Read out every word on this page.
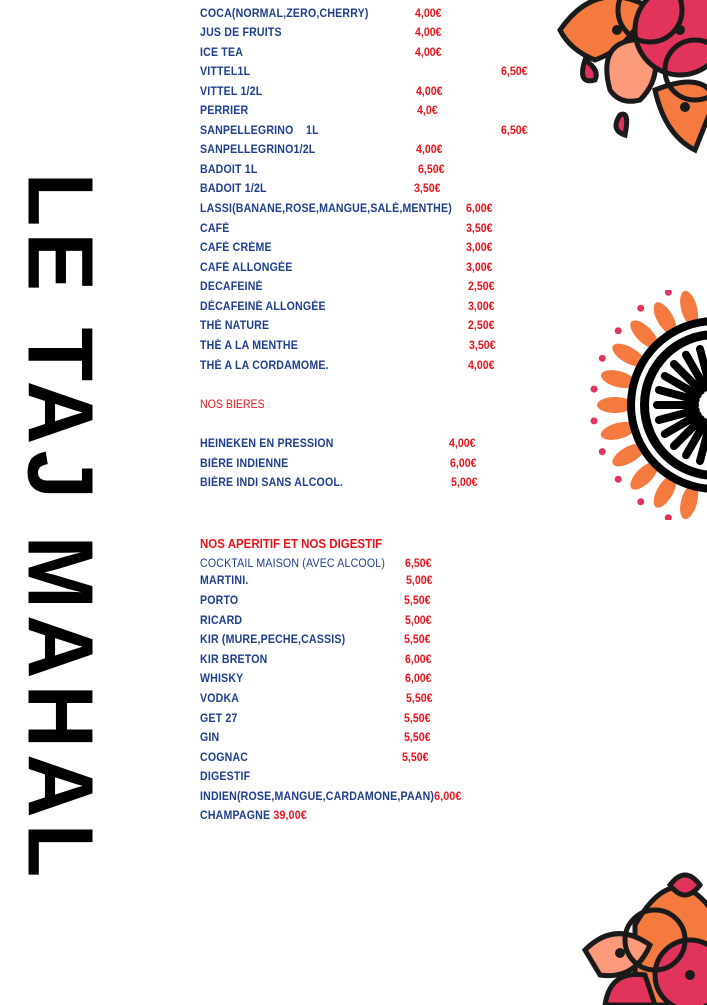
LE TAJ MAHAL
COCA(NORMAL,ZERO,CHERRY)	4,00€
JUS DE FRUITS	4,00€
ICE TEA	4,00€
VITTEL1L	6,50€
VITTEL 1/2L	4,00€
PERRIER	4,0€
SANPELLEGRINO    1L	6,50€
SANPELLEGRINO1/2L	4,00€
BADOIT 1L	6,50€
BADOIT 1/2L	3,50€
LASSI(BANANE,ROSE,MANGUE,SALÉ,MENTHE) 6,00€
CAFÉ	3,50€
CAFÉ CRÉME	3,00€
CAFÉ ALLONGÉE	3,00€
DECAFEINÉ	2,50€
DÉCAFEINÉ ALLONGÉE	3,00€
THÉ NATURE	2,50€
THÉ A LA MENTHE	3,50€
THÉ A LA CORDAMOME.	4,00€
NOS BIERES
HEINEKEN EN PRESSION	4,00€
BIÉRE INDIENNE	6,00€
BIÉRE INDI SANS ALCOOL.	5,00€
NOS APERITIF ET NOS DIGESTIF
COCKTAIL MAISON (AVEC ALCOOL) 6,50€
MARTINI.	5,00€
PORTO	5,50€
RICARD	5,00€
KIR (MURE,PECHE,CASSIS)	5,50€
KIR BRETON	6,00€
WHISKY	6,00€
VODKA	5,50€
GET 27	5,50€
GIN	5,50€
COGNAC	5,50€
DIGESTIF
INDIEN(ROSE,MANGUE,CARDAMONE,PAAN)6,00€
CHAMPAGNE 39,00€
